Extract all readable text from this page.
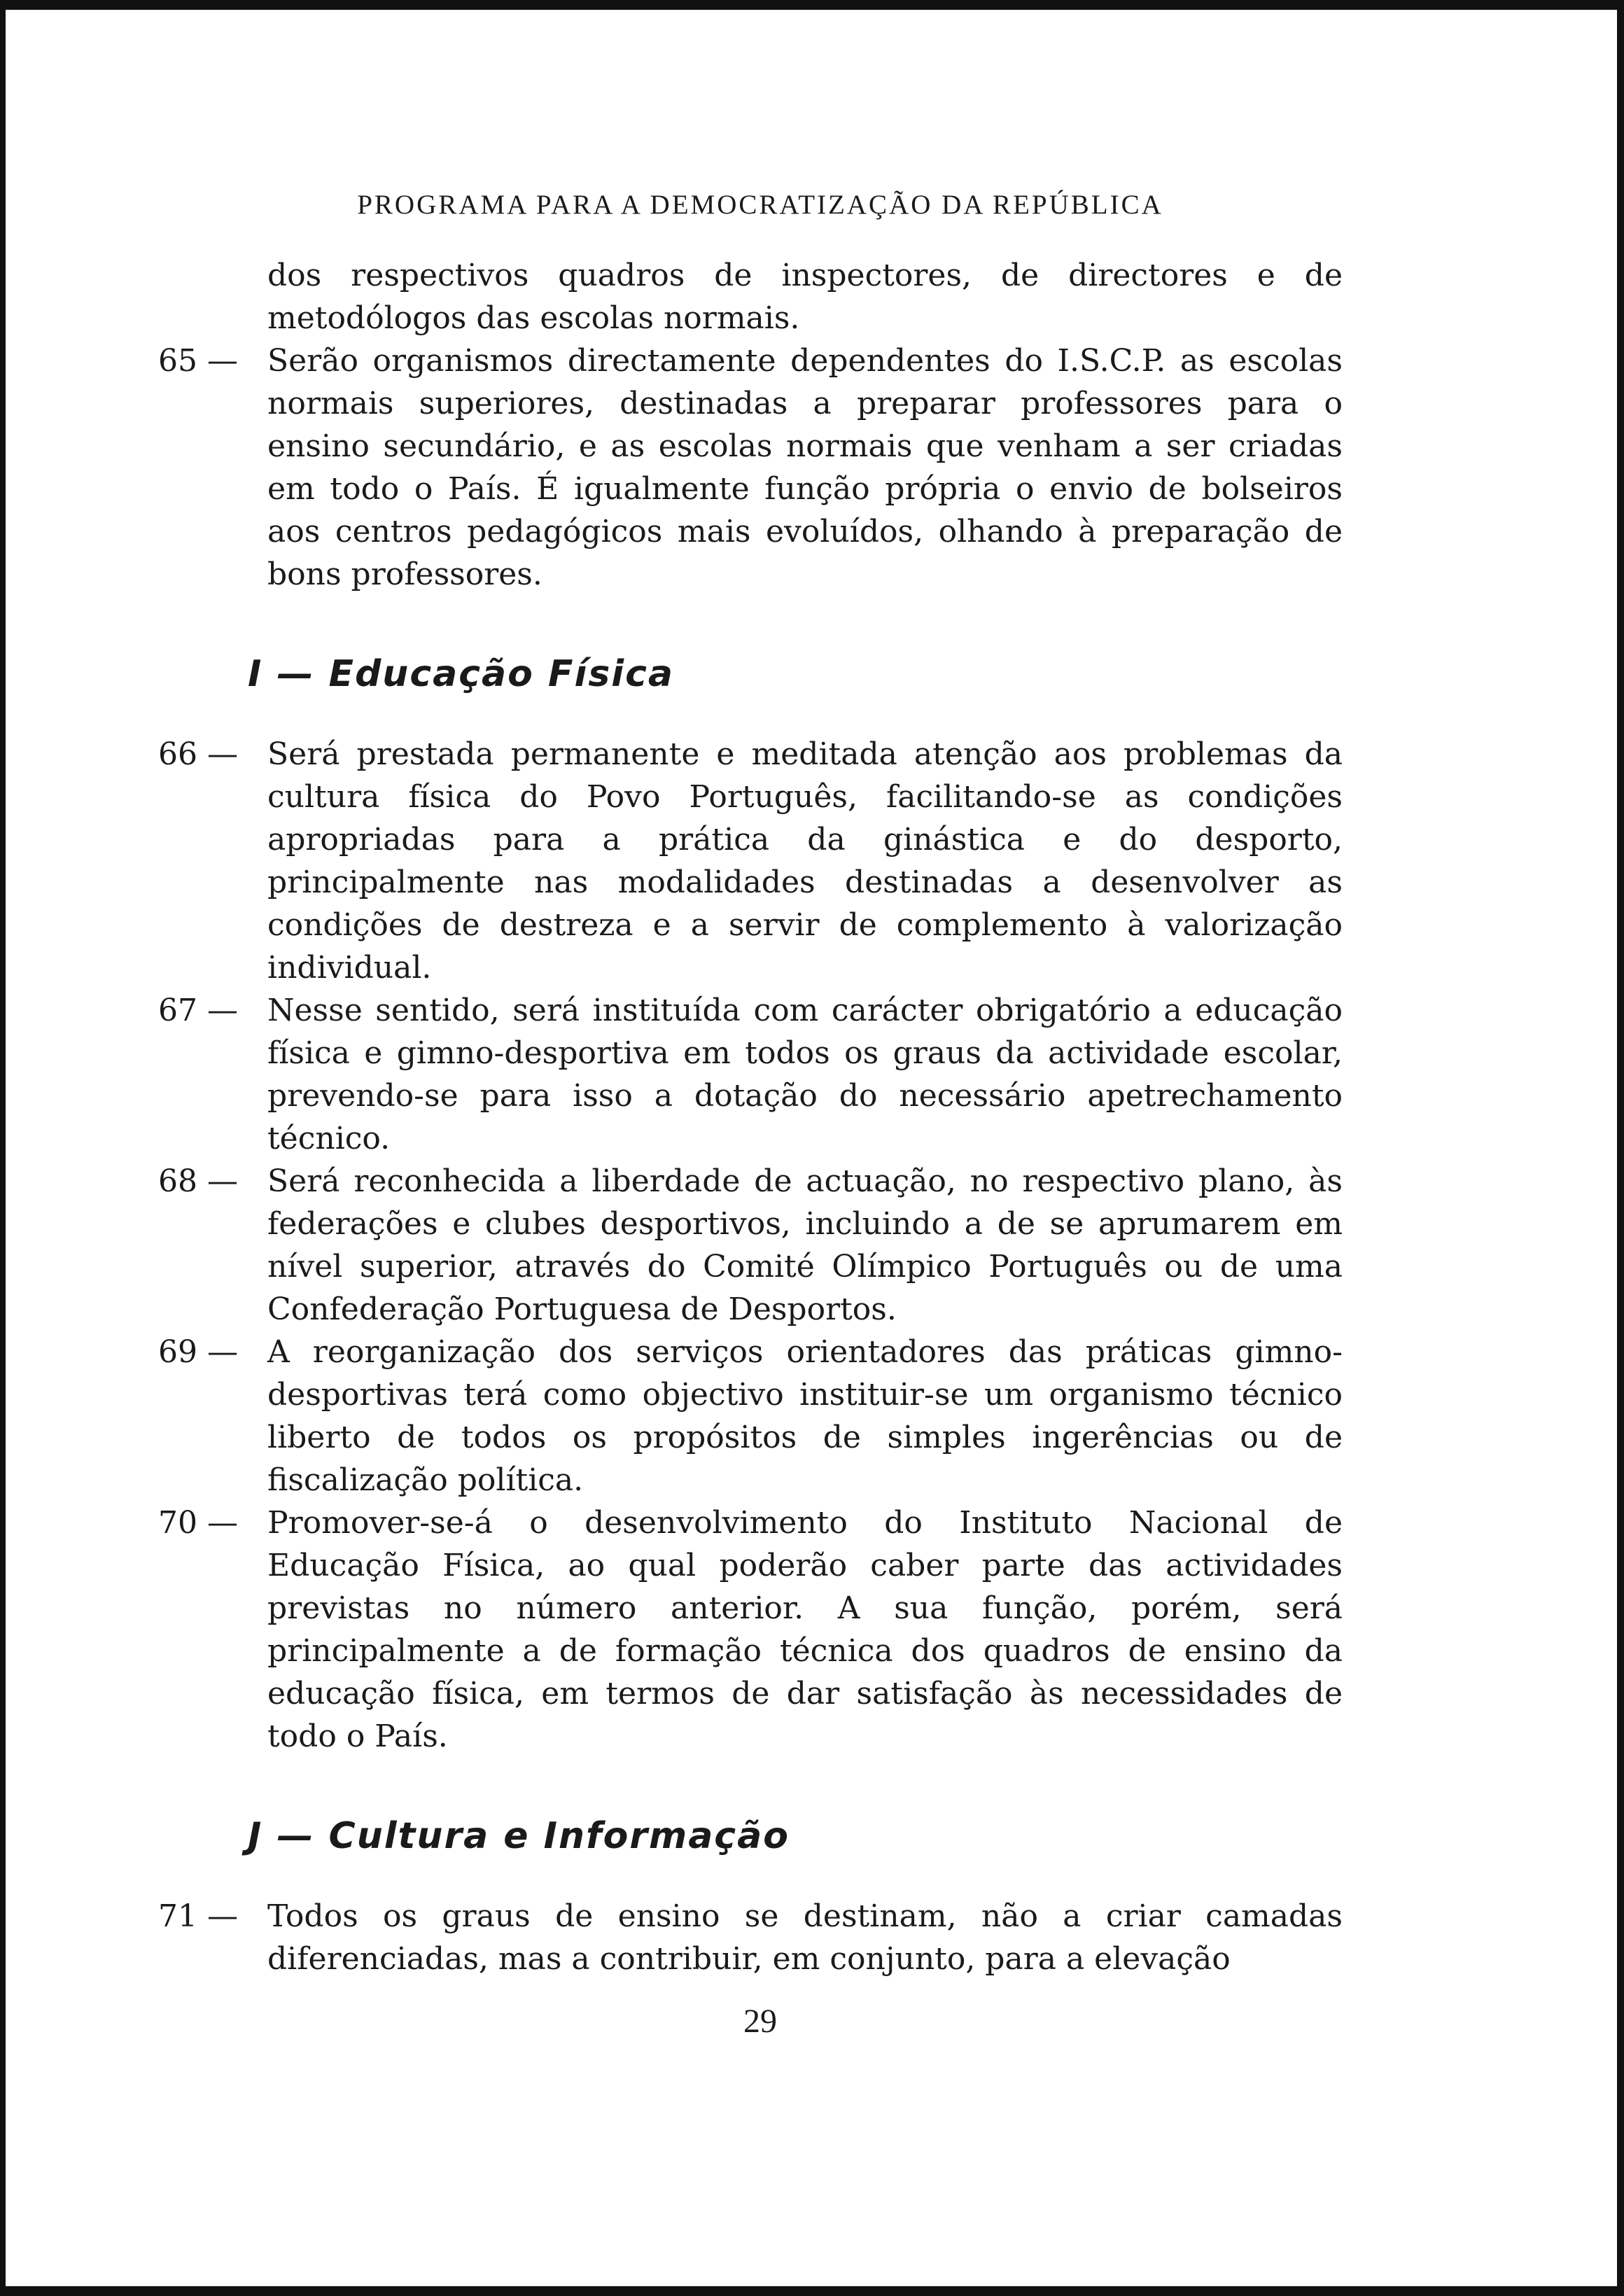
PROGRAMA PARA A DEMOCRATIZAÇÃO DA REPÚBLICA
dos respectivos quadros de inspectores, de directores e de metodólogos das escolas normais.
65 — Serão organismos directamente dependentes do I.S.C.P. as escolas normais superiores, destinadas a preparar professores para o ensino secundário, e as escolas normais que venham a ser criadas em todo o País. É igualmente função própria o envio de bolseiros aos centros pedagógicos mais evoluídos, olhando à preparação de bons professores.
I — Educação Física
66 — Será prestada permanente e meditada atenção aos problemas da cultura física do Povo Português, facilitando-se as condições apropriadas para a prática da ginástica e do desporto, principalmente nas modalidades destinadas a desenvolver as condições de destreza e a servir de complemento à valorização individual.
67 — Nesse sentido, será instituída com carácter obrigatório a educação física e gimno-desportiva em todos os graus da actividade escolar, prevendo-se para isso a dotação do necessário apetrechamento técnico.
68 — Será reconhecida a liberdade de actuação, no respectivo plano, às federações e clubes desportivos, incluindo a de se aprumarem em nível superior, através do Comité Olímpico Português ou de uma Confederação Portuguesa de Desportos.
69 — A reorganização dos serviços orientadores das práticas gimno-desportivas terá como objectivo instituir-se um organismo técnico liberto de todos os propósitos de simples ingerências ou de fiscalização política.
70 — Promover-se-á o desenvolvimento do Instituto Nacional de Educação Física, ao qual poderão caber parte das actividades previstas no número anterior. A sua função, porém, será principalmente a de formação técnica dos quadros de ensino da educação física, em termos de dar satisfação às necessidades de todo o País.
J — Cultura e Informação
71 — Todos os graus de ensino se destinam, não a criar camadas diferenciadas, mas a contribuir, em conjunto, para a elevação
29
